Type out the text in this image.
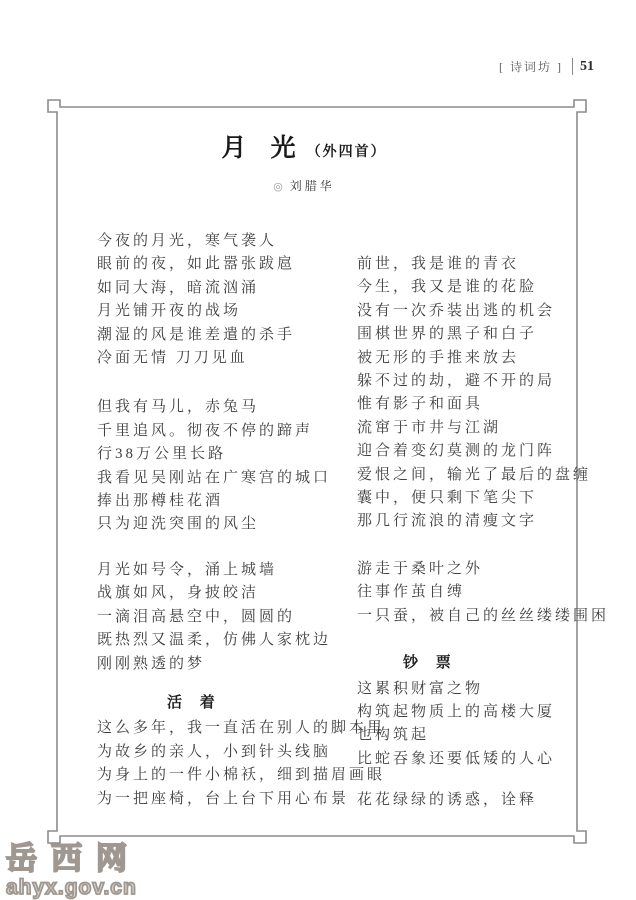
[ 诗词坊 ] 51
月 光 （外四首）
◎ 刘腊华
今夜的月光，寒气袭人
眼前的夜，如此嚣张跋扈
如同大海，暗流汹涌
月光铺开夜的战场
潮湿的风是谁差遣的杀手
冷面无情 刀刀见血
但我有马儿，赤兔马
千里追风。彻夜不停的蹄声
行38万公里长路
我看见吴刚站在广寒宫的城口
捧出那樽桂花酒
只为迎洗突围的风尘
月光如号令，涌上城墙
战旗如风，身披皎洁
一滴泪高悬空中，圆圆的
既热烈又温柔，仿佛人家枕边
刚刚熟透的梦
活 着
这么多年，我一直活在别人的脚本里
为故乡的亲人，小到针头线脑
为身上的一件小棉袄，细到描眉画眼
为一把座椅，台上台下用心布景
前世，我是谁的青衣
今生，我又是谁的花脸
没有一次乔装出逃的机会
围棋世界的黑子和白子
被无形的手推来放去
躲不过的劫，避不开的局
惟有影子和面具
流窜于市井与江湖
迎合着变幻莫测的龙门阵
爱恨之间，输光了最后的盘缠
囊中，便只剩下笔尖下
那几行流浪的清瘦文字
游走于桑叶之外
往事作茧自缚
一只蚕，被自己的丝丝缕缕围困
钞 票
这累积财富之物
构筑起物质上的高楼大厦
也构筑起
比蛇吞象还要低矮的人心
花花绿绿的诱惑，诠释
岳西网
ahyx.gov.cn
